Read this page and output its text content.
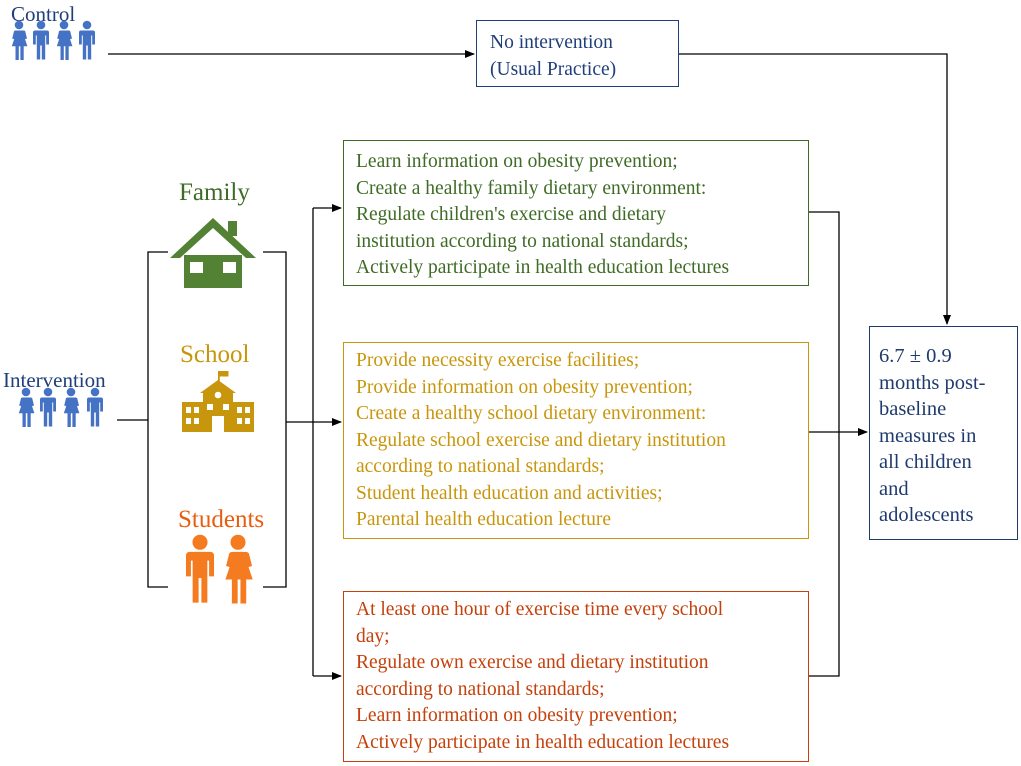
Control
Intervention
Family
School
Students
No intervention
(Usual Practice)
Learn information on obesity prevention;
Create a healthy family dietary environment:
Regulate children's exercise and dietary
institution according to national standards;
Actively participate in health education lectures
Provide necessity exercise facilities;
Provide information on obesity prevention;
Create a healthy school dietary environment:
Regulate school exercise and dietary institution
according to national standards;
Student health education and activities;
Parental health education lecture
At least one hour of exercise time every school
day;
Regulate own exercise and dietary institution
according to national standards;
Learn information on obesity prevention;
Actively participate in health education lectures
6.7 ± 0.9
months post-
baseline
measures in
all children
and
adolescents
